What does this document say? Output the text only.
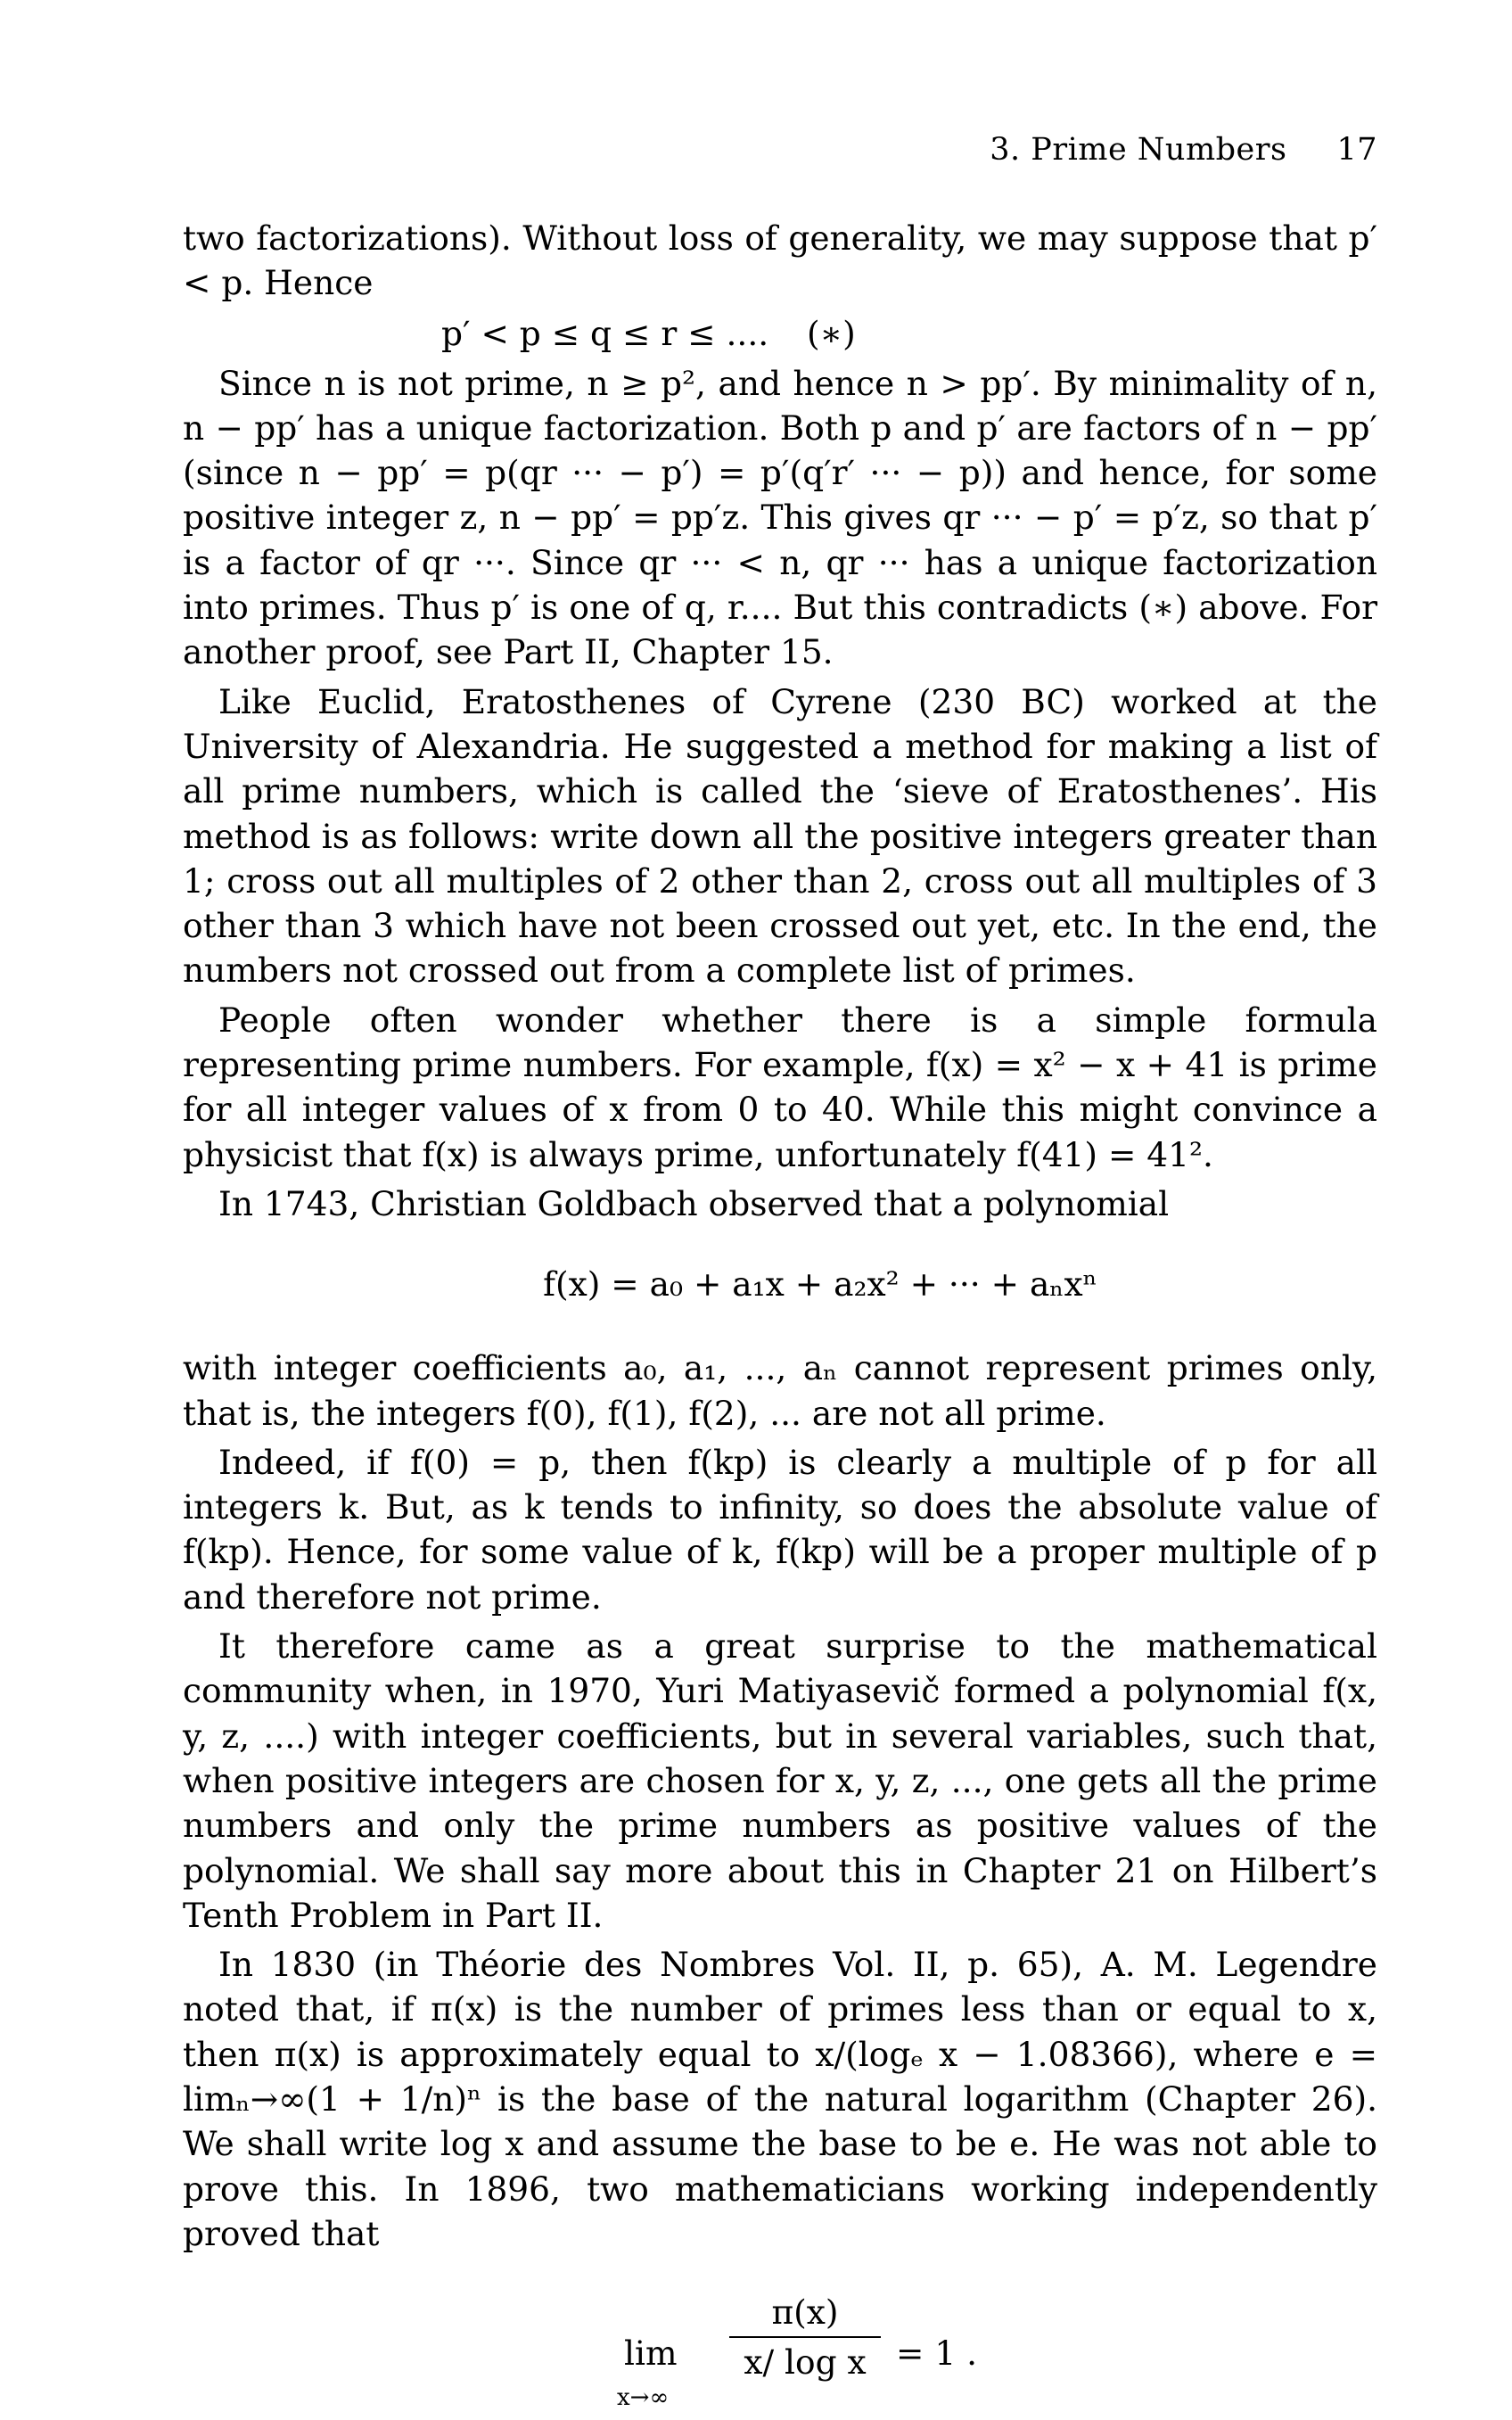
3. Prime Numbers 17

two factorizations). Without loss of generality, we may suppose that p′ < p. Hence

p′ < p ≤ q ≤ r ≤ .... (∗)

Since n is not prime, n ≥ p², and hence n > pp′. By minimality of n, n − pp′ has a unique factorization. Both p and p′ are factors of n − pp′ (since n − pp′ = p(qr ··· − p′) = p′(q′r′ ··· − p)) and hence, for some positive integer z, n − pp′ = pp′z. This gives qr ··· − p′ = p′z, so that p′ is a factor of qr ···. Since qr ··· < n, qr ··· has a unique factorization into primes. Thus p′ is one of q, r.... But this contradicts (∗) above. For another proof, see Part II, Chapter 15.

Like Euclid, Eratosthenes of Cyrene (230 BC) worked at the University of Alexandria. He suggested a method for making a list of all prime numbers, which is called the ‘sieve of Eratosthenes’. His method is as follows: write down all the positive integers greater than 1; cross out all multiples of 2 other than 2, cross out all multiples of 3 other than 3 which have not been crossed out yet, etc. In the end, the numbers not crossed out from a complete list of primes.

People often wonder whether there is a simple formula representing prime numbers. For example, f(x) = x² − x + 41 is prime for all integer values of x from 0 to 40. While this might convince a physicist that f(x) is always prime, unfortunately f(41) = 41².

In 1743, Christian Goldbach observed that a polynomial

f(x) = a₀ + a₁x + a₂x² + ··· + aₙxⁿ

with integer coefficients a₀, a₁, ..., aₙ cannot represent primes only, that is, the integers f(0), f(1), f(2), ... are not all prime.

Indeed, if f(0) = p, then f(kp) is clearly a multiple of p for all integers k. But, as k tends to infinity, so does the absolute value of f(kp). Hence, for some value of k, f(kp) will be a proper multiple of p and therefore not prime.

It therefore came as a great surprise to the mathematical community when, in 1970, Yuri Matiyasevič formed a polynomial f(x, y, z, ....) with integer coefficients, but in several variables, such that, when positive integers are chosen for x, y, z, ..., one gets all the prime numbers and only the prime numbers as positive values of the polynomial. We shall say more about this in Chapter 21 on Hilbert’s Tenth Problem in Part II.

In 1830 (in Théorie des Nombres Vol. II, p. 65), A. M. Legendre noted that, if π(x) is the number of primes less than or equal to x, then π(x) is approximately equal to x/(logₑ x − 1.08366), where e = limₙ→∞(1 + 1/n)ⁿ is the base of the natural logarithm (Chapter 26). We shall write log x and assume the base to be e. He was not able to prove this. In 1896, two mathematicians working independently proved that

lim
x→∞
$\frac{\pi(x)}{\text{x/ log x}} = 1$ .
